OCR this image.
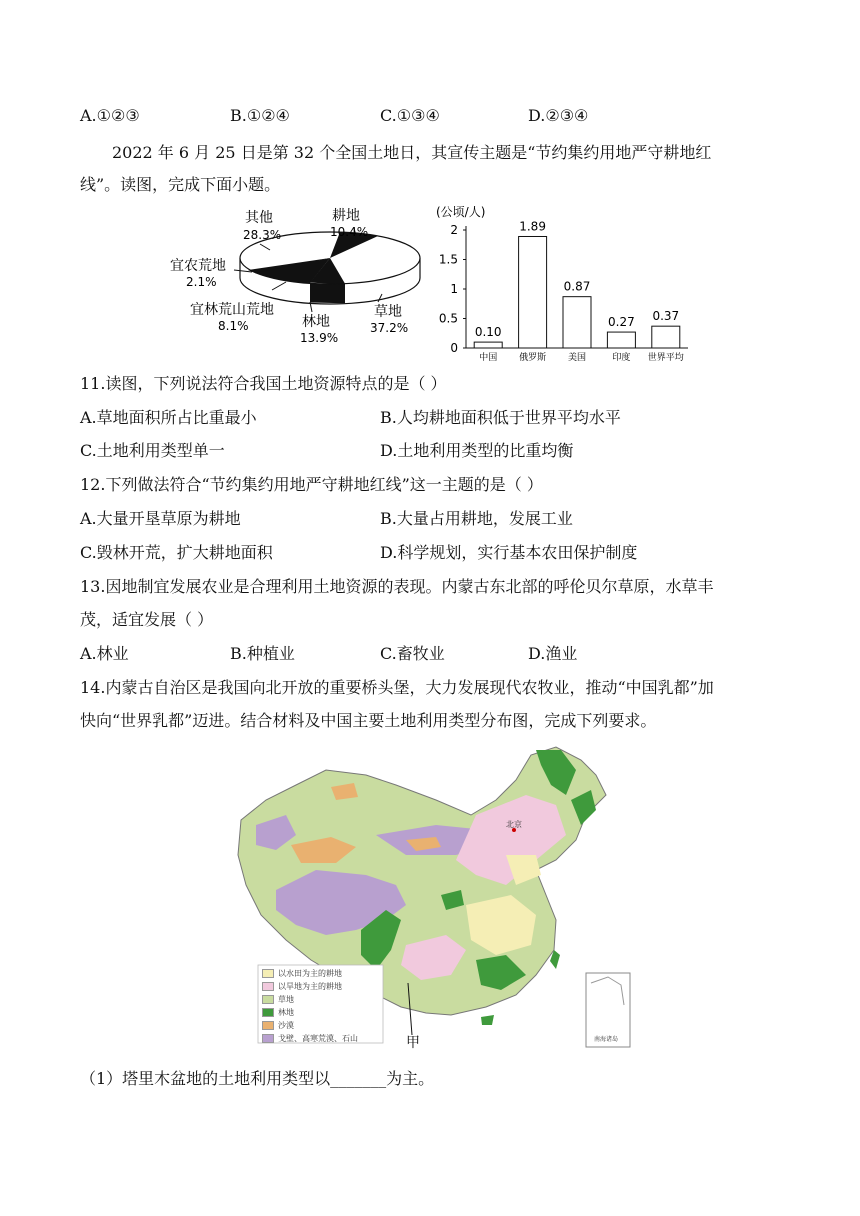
A.①②③	B.①②④	C.①③④	D.②③④
2022 年 6 月 25 日是第 32 个全国土地日，其宣传主题是“节约集约用地严守耕地红
线”。读图，完成下面小题。
其他
28.3%
耕地
10.4%
宜农荒地
2.1%
宜林荒山荒地
8.1%	林地
13.9%
草地
37.2%
(公顷/人)
0
0.5
1
1.5
2
0.10
中国
1.89
俄罗斯
0.87
美国
0.27
印度
0.37
世界平均
11.读图，下列说法符合我国土地资源特点的是（ ）
A.草地面积所占比重最小	B.人均耕地面积低于世界平均水平
C.土地利用类型单一	D.土地利用类型的比重均衡
12.下列做法符合“节约集约用地严守耕地红线”这一主题的是（ ）
A.大量开垦草原为耕地	B.大量占用耕地，发展工业
C.毁林开荒，扩大耕地面积	D.科学规划，实行基本农田保护制度
13.因地制宜发展农业是合理利用土地资源的表现。内蒙古东北部的呼伦贝尔草原，水草丰
茂，适宜发展（ ）
A.林业	B.种植业	C.畜牧业	D.渔业
14.内蒙古自治区是我国向北开放的重要桥头堡，大力发展现代农牧业，推动“中国乳都”加
快向“世界乳都”迈进。结合材料及中国主要土地利用类型分布图，完成下列要求。
北京
甲	南海诸岛
以水田为主的耕地
以旱地为主的耕地
草地
林地
沙漠
戈壁、高寒荒漠、石山
（1）塔里木盆地的土地利用类型以_______为主。
